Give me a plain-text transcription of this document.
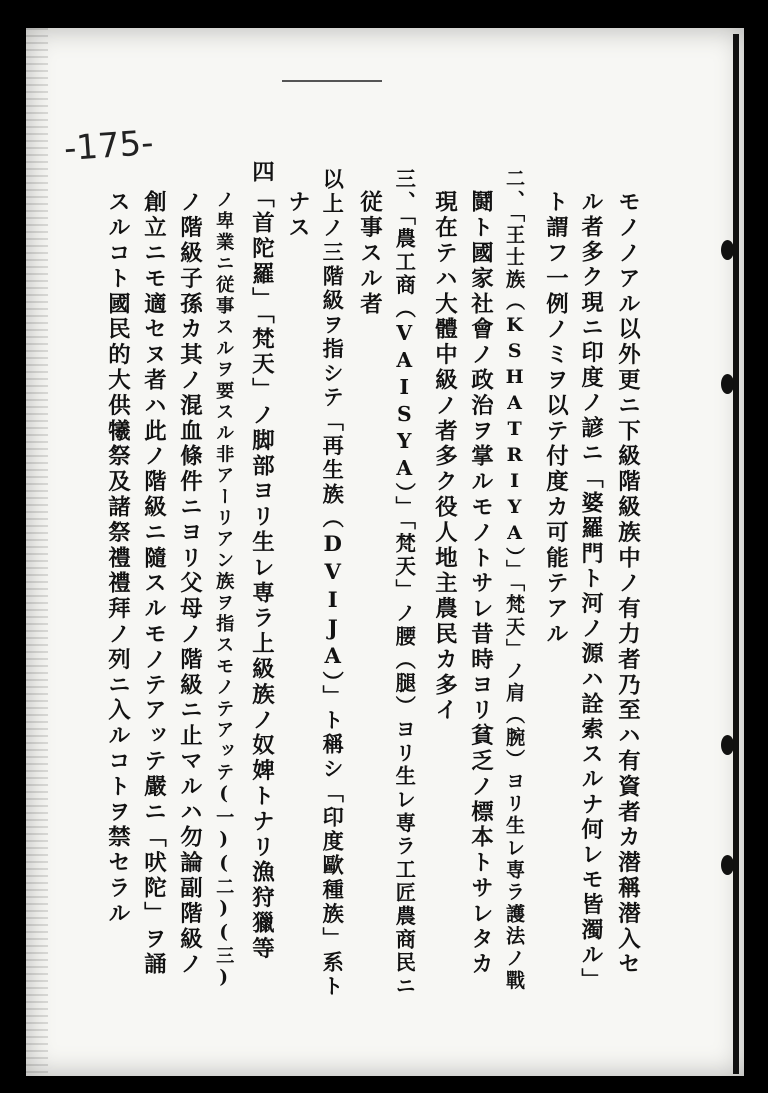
-175-
モノノアル以外更ニ下級階級族中ノ有力者乃至ハ有資者カ潜稱潜入セ
ル者多ク現ニ印度ノ諺ニ「婆羅門ト河ノ源ハ詮索スルナ何レモ皆濁ル」
ト謂フ一例ノミヲ以テ付度カ可能テアル
二、「王士族（KSHATRIYA）」「梵天」ノ肩（腕）ヨリ生レ専ラ護法ノ戰
鬪ト國家社會ノ政治ヲ掌ルモノトサレ昔時ヨリ貧乏ノ標本トサレタカ
現在テハ大體中級ノ者多ク役人地主農民カ多イ
三、「農工商（VAISYA）」「梵天」ノ腰（腿）ヨリ生レ専ラ工匠農商民ニ
従事スル者
以上ノ三階級ヲ指シテ「再生族（DVIJA）」ト稱シ「印度歐種族」系ト
ナス
四「首陀羅」「梵天」ノ脚部ヨリ生レ専ラ上級族ノ奴婢トナリ漁狩獵等
ノ卑業ニ従事スルヲ要スル非アーリアン族ヲ指スモノテアッテ(一)(二)(三)
ノ階級子孫カ其ノ混血條件ニヨリ父母ノ階級ニ止マルハ勿論副階級ノ
創立ニモ適セヌ者ハ此ノ階級ニ隨スルモノテアッテ嚴ニ「吠陀」ヲ誦
スルコト國民的大供犧祭及諸祭禮禮拜ノ列ニ入ルコトヲ禁セラル
